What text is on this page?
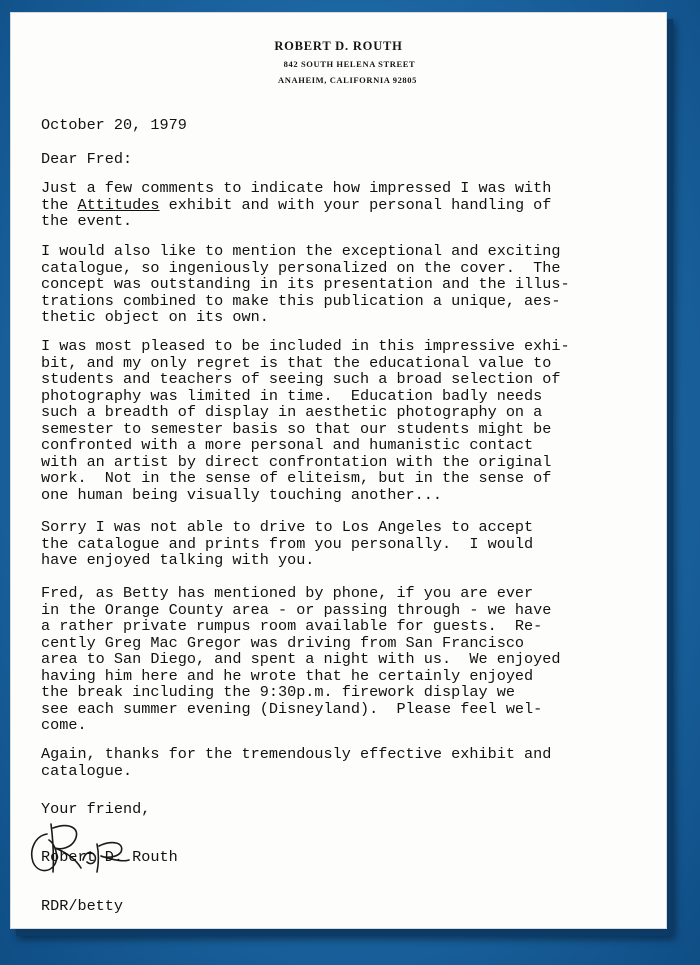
ROBERT D. ROUTH
842 SOUTH HELENA STREET
ANAHEIM, CALIFORNIA 92805

October 20, 1979

Dear Fred:

Just a few comments to indicate how impressed I was with

the Attitudes exhibit and with your personal handling of

the event.

I would also like to mention the exceptional and exciting

catalogue, so ingeniously personalized on the cover.  The

concept was outstanding in its presentation and the illus-

trations combined to make this publication a unique, aes-

thetic object on its own.

I was most pleased to be included in this impressive exhi-

bit, and my only regret is that the educational value to

students and teachers of seeing such a broad selection of

photography was limited in time.  Education badly needs

such a breadth of display in aesthetic photography on a

semester to semester basis so that our students might be

confronted with a more personal and humanistic contact

with an artist by direct confrontation with the original

work.  Not in the sense of eliteism, but in the sense of

one human being visually touching another...

Sorry I was not able to drive to Los Angeles to accept

the catalogue and prints from you personally.  I would

have enjoyed talking with you.

Fred, as Betty has mentioned by phone, if you are ever

in the Orange County area - or passing through - we have

a rather private rumpus room available for guests.  Re-

cently Greg Mac Gregor was driving from San Francisco

area to San Diego, and spent a night with us.  We enjoyed

having him here and he wrote that he certainly enjoyed

the break including the 9:30p.m. firework display we

see each summer evening (Disneyland).  Please feel wel-

come.

Again, thanks for the tremendously effective exhibit and

catalogue.

Your friend,

Robert D. Routh

RDR/betty
